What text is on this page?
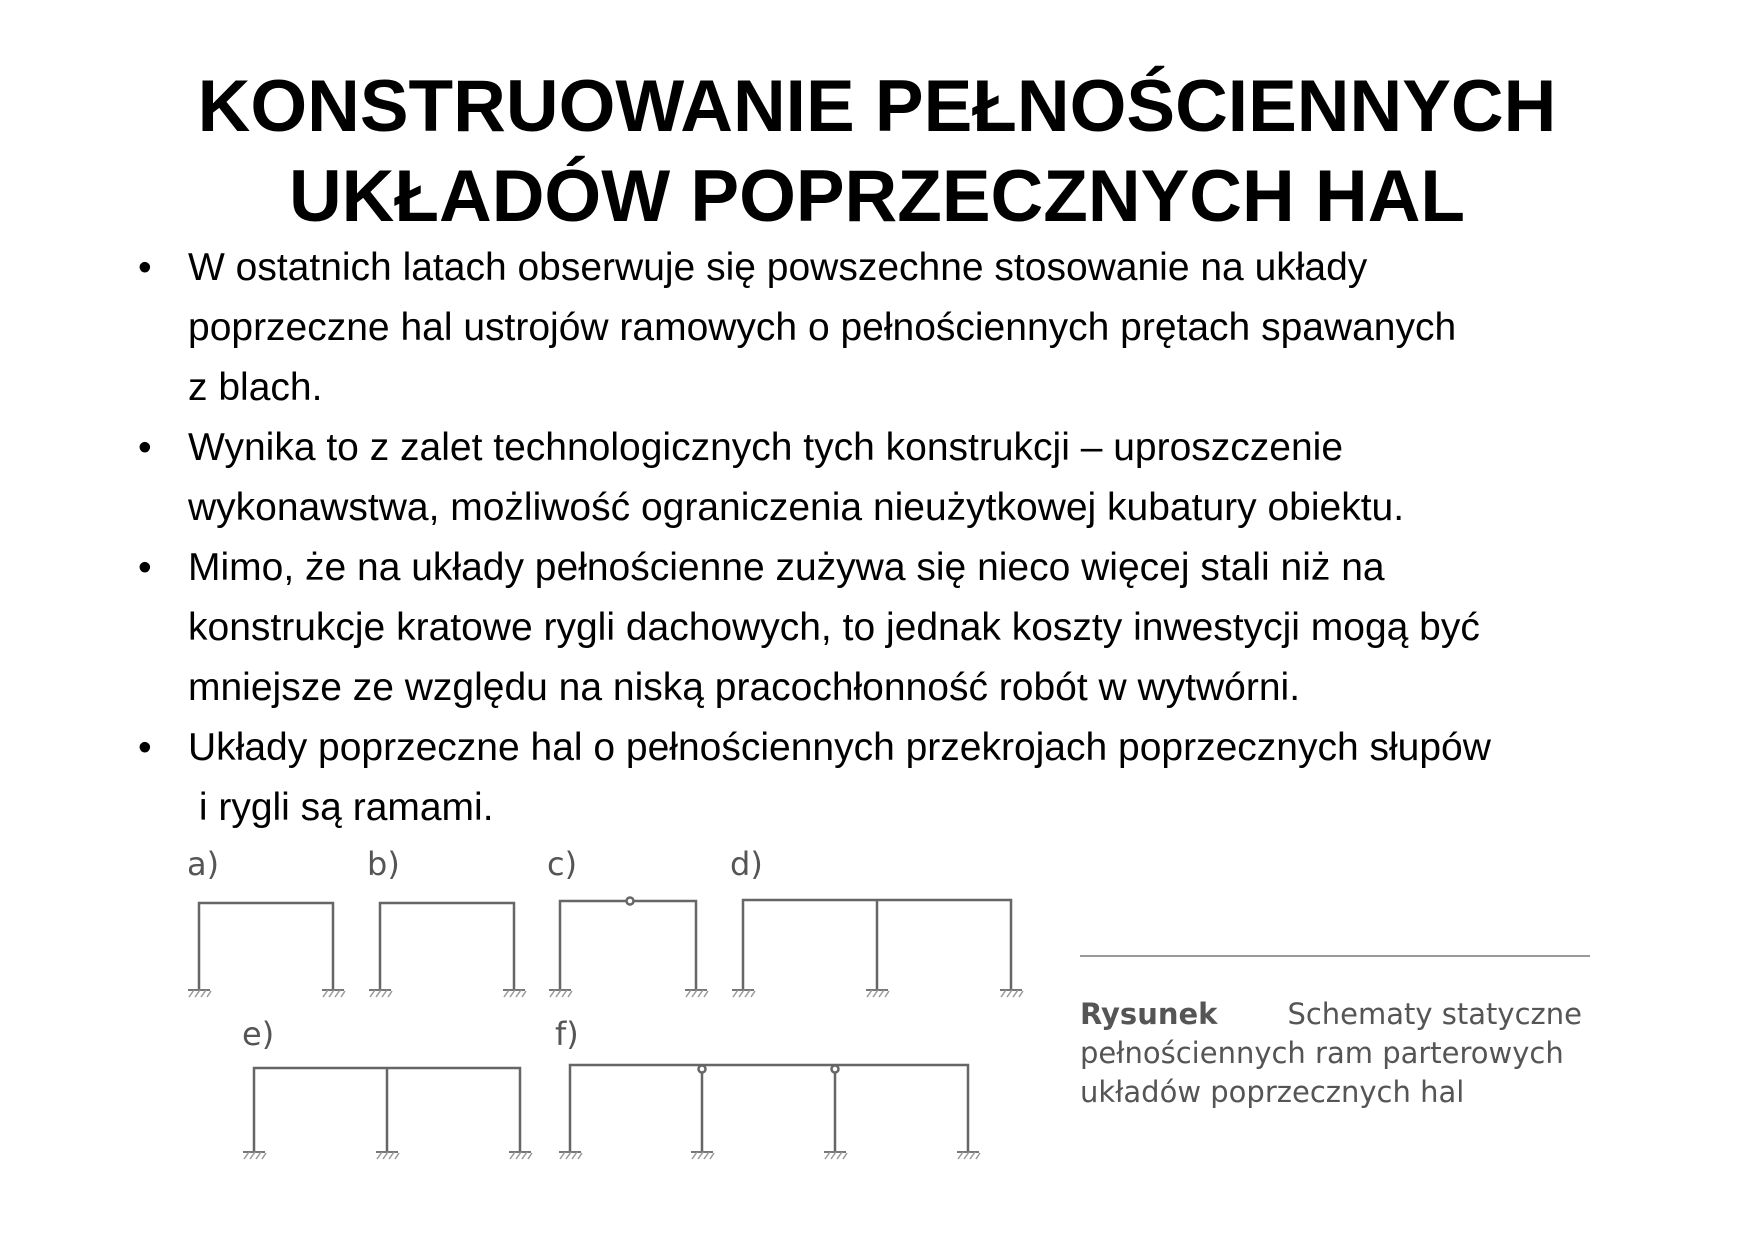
KONSTRUOWANIE PEŁNOŚCIENNYCH
UKŁADÓW POPRZECZNYCH HAL
• W ostatnich latach obserwuje się powszechne stosowanie na układy
poprzeczne hal ustrojów ramowych o pełnościennych prętach spawanych
z blach.
• Wynika to z zalet technologicznych tych konstrukcji – uproszczenie
wykonawstwa, możliwość ograniczenia nieużytkowej kubatury obiektu.
• Mimo, że na układy pełnościenne zużywa się nieco więcej stali niż na
konstrukcje kratowe rygli dachowych, to jednak koszty inwestycji mogą być
mniejsze ze względu na niską pracochłonność robót w wytwórni.
• Układy poprzeczne hal o pełnościennych przekrojach poprzecznych słupów
i rygli są ramami.
a)	b)	c)	d)
e)	f)
Rysunek Schematy statyczne
pełnościennych ram parterowych
układów poprzecznych hal
